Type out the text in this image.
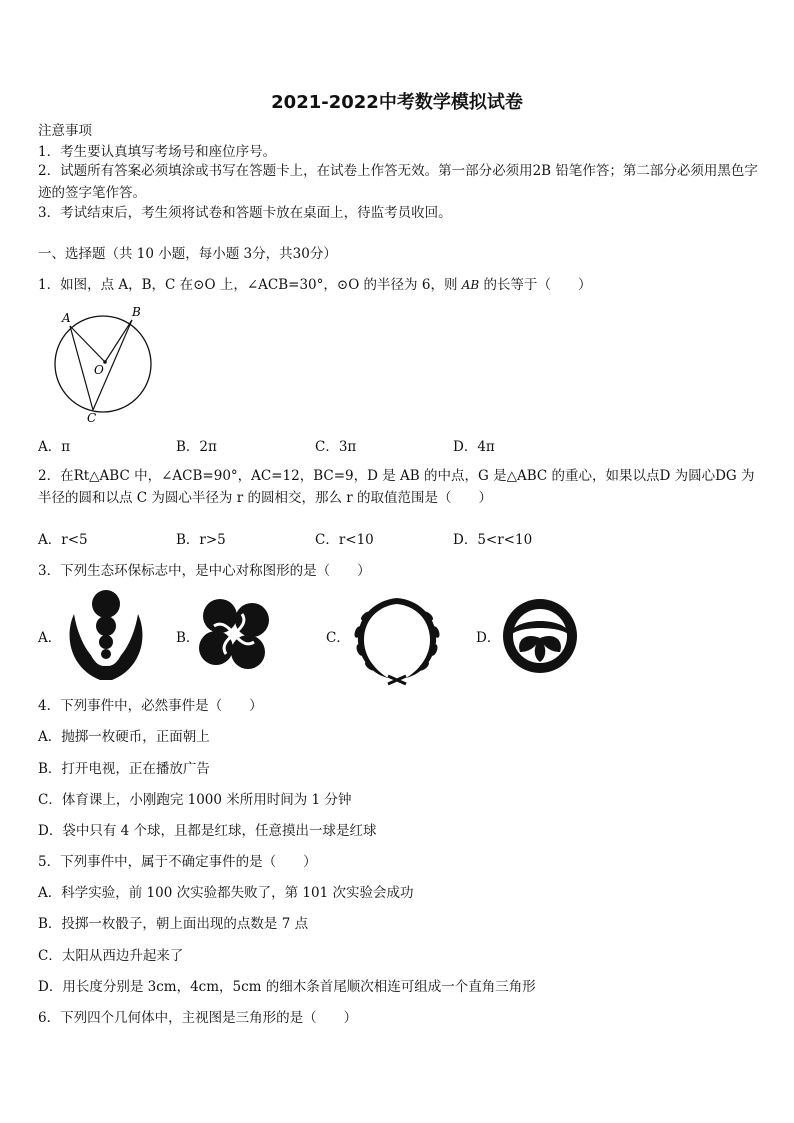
2021-2022中考数学模拟试卷
注意事项
1．考生要认真填写考场号和座位序号。
2．试题所有答案必须填涂或书写在答题卡上，在试卷上作答无效。第一部分必须用2B 铅笔作答；第二部分必须用黑色字迹的签字笔作答。
3．考试结束后，考生须将试卷和答题卡放在桌面上，待监考员收回。
一、选择题（共 10 小题，每小题 3分，共30分）
1．如图，点 A，B，C 在⊙O 上，∠ACB=30°，⊙O 的半径为 6，则 AB 的长等于（　　）
A	B
O
C
A．π	B．2π	C．3π	D．4π
2．在Rt△ABC 中，∠ACB=90°，AC=12，BC=9，D 是 AB 的中点，G 是△ABC 的重心，如果以点D 为圆心DG 为半径的圆和以点 C 为圆心半径为 r 的圆相交，那么 r 的取值范围是（　　）
A．r<5	B．r>5	C．r<10	D．5<r<10
3．下列生态环保标志中，是中心对称图形的是（　　）
A．	B．	C．	D．
4．下列事件中，必然事件是（　　）
A．抛掷一枚硬币，正面朝上
B．打开电视，正在播放广告
C．体育课上，小刚跑完 1000 米所用时间为 1 分钟
D．袋中只有 4 个球，且都是红球，任意摸出一球是红球
5．下列事件中，属于不确定事件的是（　　）
A．科学实验，前 100 次实验都失败了，第 101 次实验会成功
B．投掷一枚骰子，朝上面出现的点数是 7 点
C．太阳从西边升起来了
D．用长度分别是 3cm，4cm，5cm 的细木条首尾顺次相连可组成一个直角三角形
6．下列四个几何体中，主视图是三角形的是（　　）
